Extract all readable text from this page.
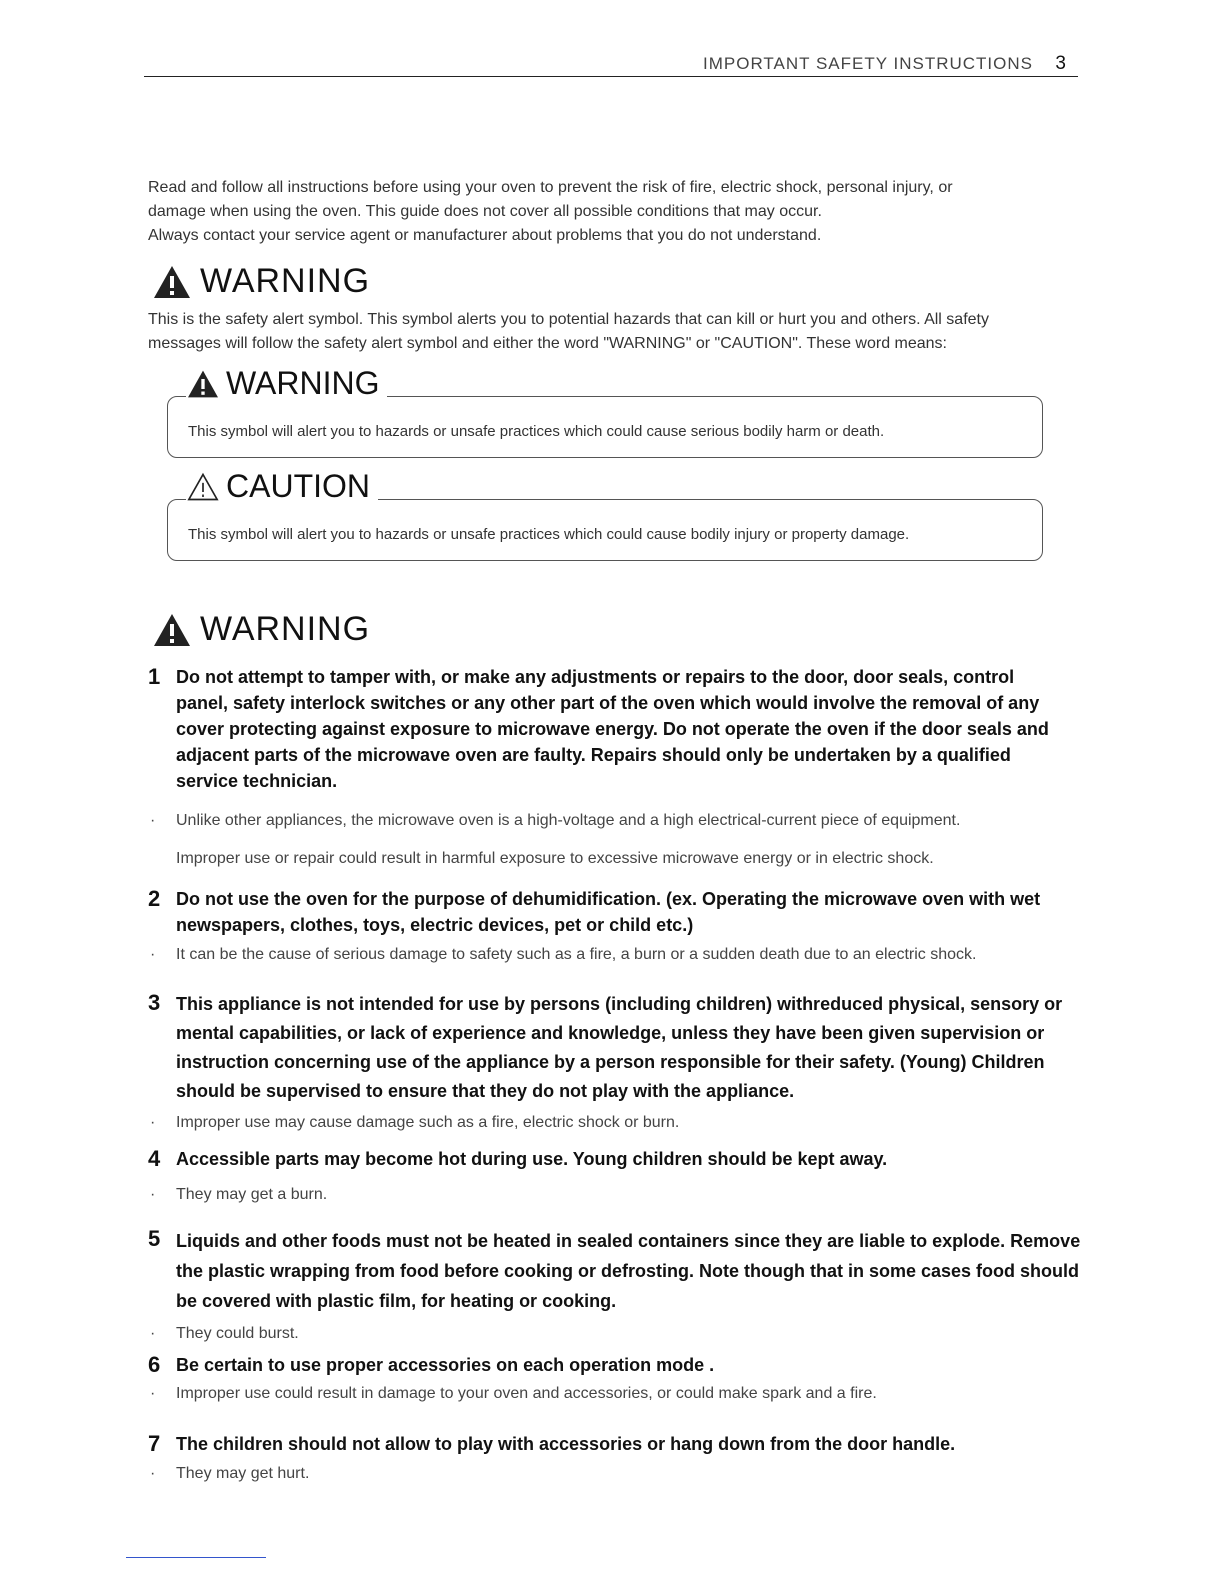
IMPORTANT SAFETY INSTRUCTIONS 3

Read and follow all instructions before using your oven to prevent the risk of fire, electric shock, personal injury, or

damage when using the oven. This guide does not cover all possible conditions that may occur.

Always contact your service agent or manufacturer about problems that you do not understand.

WARNING
This is the safety alert symbol. This symbol alerts you to potential hazards that can kill or hurt you and others. All safety
messages will follow the safety alert symbol and either the word "WARNING" or "CAUTION". These word means:
WARNING
This symbol will alert you to hazards or unsafe practices which could cause serious bodily harm or death.
CAUTION
This symbol will alert you to hazards or unsafe practices which could cause bodily injury or property damage.
WARNING
1 Do not attempt to tamper with, or make any adjustments or repairs to the door, door seals, control panel, safety interlock switches or any other part of the oven which would involve the removal of any cover protecting against exposure to microwave energy. Do not operate the oven if the door seals and adjacent parts of the microwave oven are faulty. Repairs should only be undertaken by a qualified service technician.
· Unlike other appliances, the microwave oven is a high-voltage and a high electrical-current piece of equipment.
Improper use or repair could result in harmful exposure to excessive microwave energy or in electric shock.
2 Do not use the oven for the purpose of dehumidification. (ex. Operating the microwave oven with wet newspapers, clothes, toys, electric devices, pet or child etc.)
· It can be the cause of serious damage to safety such as a fire, a burn or a sudden death due to an electric shock.
3 This appliance is not intended for use by persons (including children) withreduced physical, sensory or mental capabilities, or lack of experience and knowledge, unless they have been given supervision or instruction concerning use of the appliance by a person responsible for their safety. (Young) Children should be supervised to ensure that they do not play with the appliance.
· Improper use may cause damage such as a fire, electric shock or burn.
4 Accessible parts may become hot during use. Young children should be kept away.
· They may get a burn.
5 Liquids and other foods must not be heated in sealed containers since they are liable to explode. Remove the plastic wrapping from food before cooking or defrosting. Note though that in some cases food should be covered with plastic film, for heating or cooking.
· They could burst.
6 Be certain to use proper accessories on each operation mode .
· Improper use could result in damage to your oven and accessories, or could make spark and a fire.
7 The children should not allow to play with accessories or hang down from the door handle.
· They may get hurt.
